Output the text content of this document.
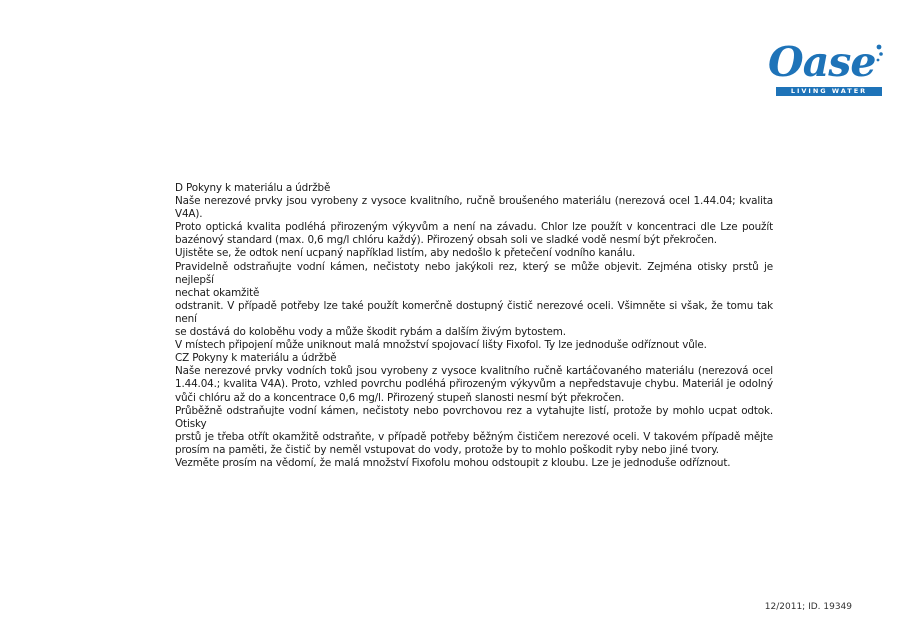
Oase
LIVING WATER

D Pokyny k materiálu a údržbě

Naše nerezové prvky jsou vyrobeny z vysoce kvalitního, ručně broušeného materiálu (nerezová ocel 1.44.04; kvalita V4A).

Proto optická kvalita podléhá přirozeným výkyvům a není na závadu. Chlor lze použít v koncentraci dle Lze použít

bazénový standard (max. 0,6 mg/l chlóru každý). Přirozený obsah soli ve sladké vodě nesmí být překročen.

Ujistěte se, že odtok není ucpaný například listím, aby nedošlo k přetečení vodního kanálu.

Pravidelně odstraňujte vodní kámen, nečistoty nebo jakýkoli rez, který se může objevit. Zejména otisky prstů je nejlepší

nechat okamžitě

odstranit. V případě potřeby lze také použít komerčně dostupný čistič nerezové oceli. Všimněte si však, že tomu tak není

se dostává do koloběhu vody a může škodit rybám a dalším živým bytostem.

V místech připojení může uniknout malá množství spojovací lišty Fixofol. Ty lze jednoduše odříznout vůle.

CZ Pokyny k materiálu a údržbě

Naše nerezové prvky vodních toků jsou vyrobeny z vysoce kvalitního ručně kartáčovaného materiálu (nerezová ocel

1.44.04.; kvalita V4A). Proto, vzhled povrchu podléhá přirozeným výkyvům a nepředstavuje chybu. Materiál je odolný

vůči chlóru až do a koncentrace 0,6 mg/l. Přirozený stupeň slanosti nesmí být překročen.

Průběžně odstraňujte vodní kámen, nečistoty nebo povrchovou rez a vytahujte listí, protože by mohlo ucpat odtok. Otisky

prstů je třeba otřít okamžitě odstraňte, v případě potřeby běžným čističem nerezové oceli. V takovém případě mějte

prosím na paměti, že čistič by neměl vstupovat do vody, protože by to mohlo poškodit ryby nebo jiné tvory.

Vezměte prosím na vědomí, že malá množství Fixofolu mohou odstoupit z kloubu. Lze je jednoduše odříznout.

12/2011; ID. 19349
